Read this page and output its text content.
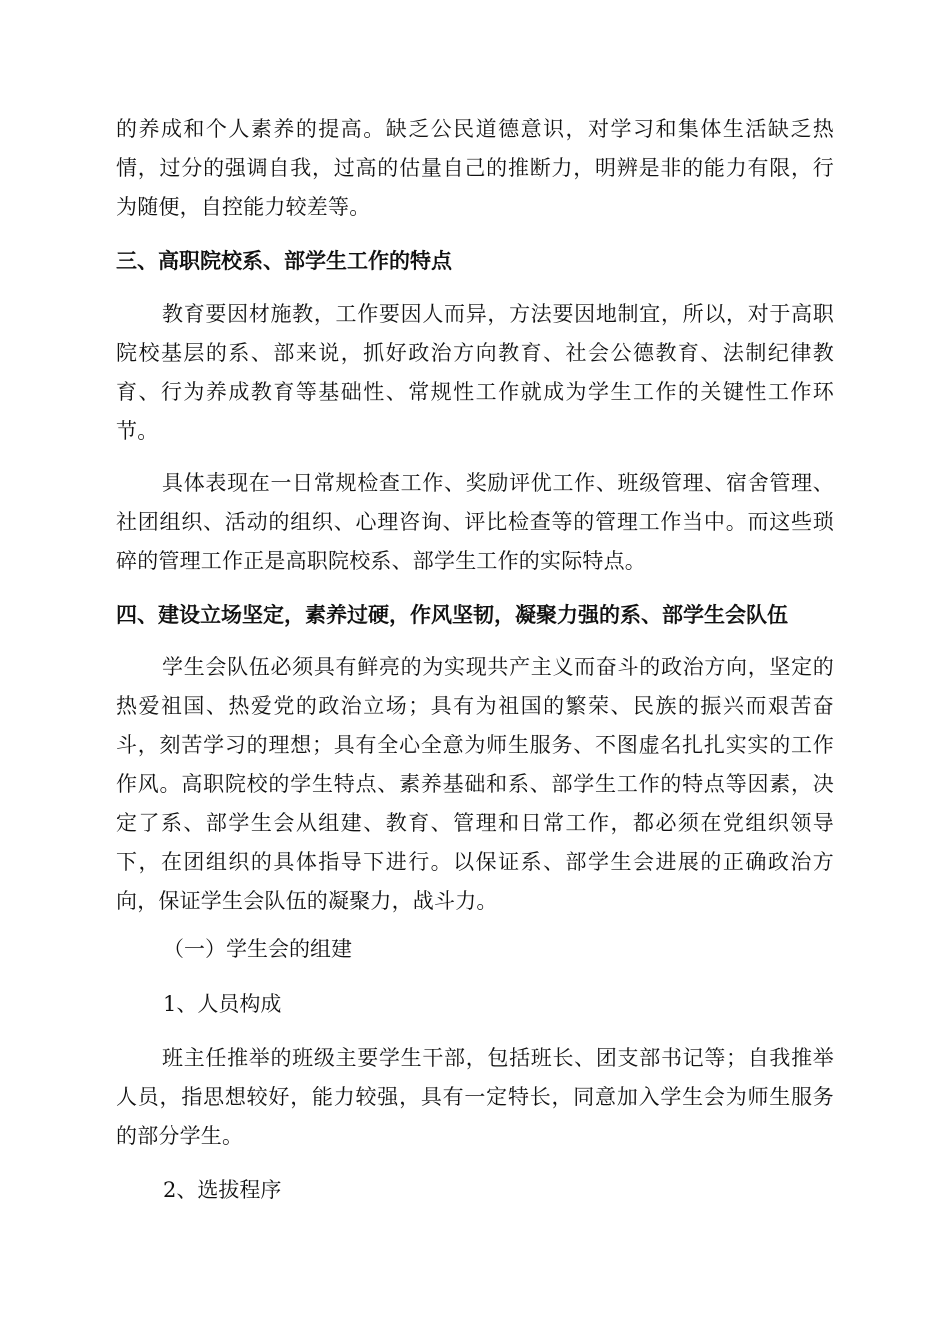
的养成和个人素养的提高。缺乏公民道德意识，对学习和集体生活缺乏热情，过分的强调自我，过高的估量自己的推断力，明辨是非的能力有限，行为随便，自控能力较差等。

三、高职院校系、部学生工作的特点

教育要因材施教，工作要因人而异，方法要因地制宜，所以，对于高职院校基层的系、部来说，抓好政治方向教育、社会公德教育、法制纪律教育、行为养成教育等基础性、常规性工作就成为学生工作的关键性工作环节。

具体表现在一日常规检查工作、奖励评优工作、班级管理、宿舍管理、社团组织、活动的组织、心理咨询、评比检查等的管理工作当中。而这些琐碎的管理工作正是高职院校系、部学生工作的实际特点。

四、建设立场坚定，素养过硬，作风坚韧，凝聚力强的系、部学生会队伍

学生会队伍必须具有鲜亮的为实现共产主义而奋斗的政治方向，坚定的热爱祖国、热爱党的政治立场；具有为祖国的繁荣、民族的振兴而艰苦奋斗，刻苦学习的理想；具有全心全意为师生服务、不图虚名扎扎实实的工作作风。高职院校的学生特点、素养基础和系、部学生工作的特点等因素，决定了系、部学生会从组建、教育、管理和日常工作，都必须在党组织领导下，在团组织的具体指导下进行。以保证系、部学生会进展的正确政治方向，保证学生会队伍的凝聚力，战斗力。

（一）学生会的组建

1、人员构成

班主任推举的班级主要学生干部，包括班长、团支部书记等；自我推举人员，指思想较好，能力较强，具有一定特长，同意加入学生会为师生服务的部分学生。

2、选拔程序
